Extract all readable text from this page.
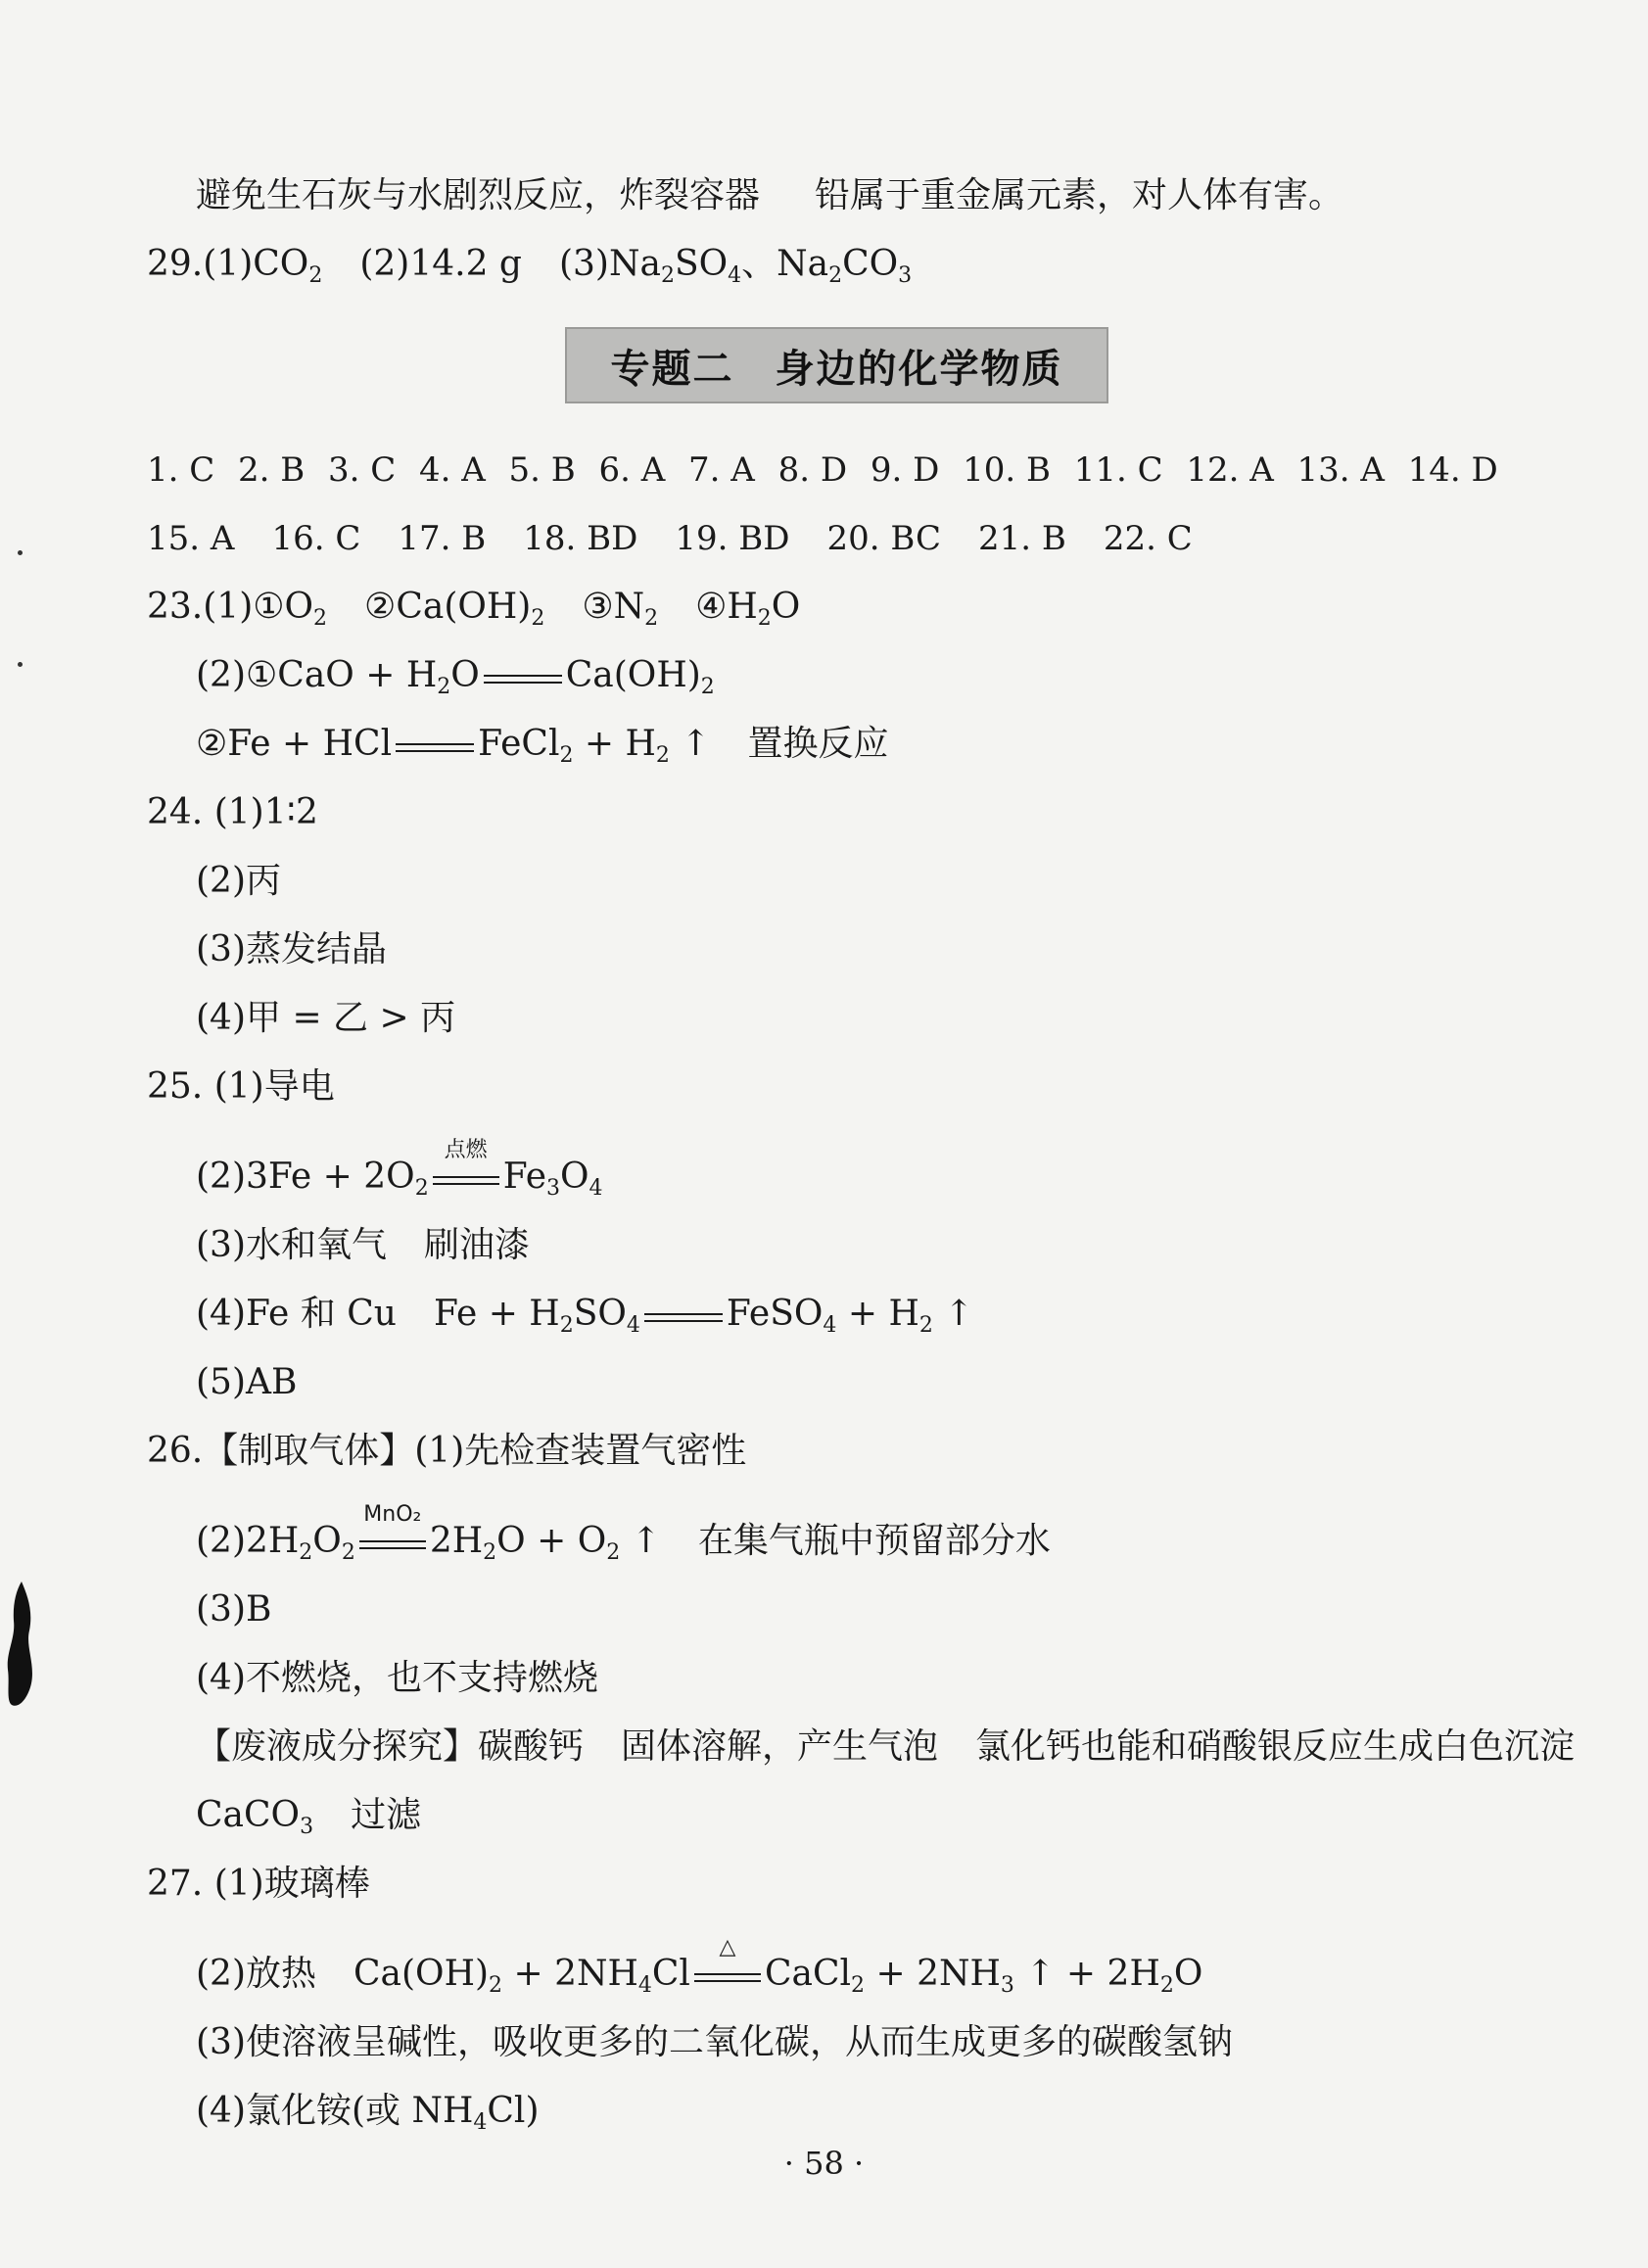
避免生石灰与水剧烈反应，炸裂容器 铅属于重金属元素，对人体有害。
$29.(1)CO_2$ (2)14.2 g $(3)Na_2SO_4$、$Na_2CO_3$
专题二　身边的化学物质
1. C 2. B 3. C 4. A 5. B 6. A 7. A 8. D 9. D 10. B 11. C 12. A 13. A 14. D
15. A 16. C 17. B 18. BD 19. BD 20. BC 21. B 22. C
$23.(1)①O_2$ $②Ca(OH)_2$ $③N_2$ $④H_2O$
(2)①CaO + $H_2O$ $Ca(OH)_2$
②Fe + HCl FeCl$_2$ + $H_2$ ↑ 置换反应
24. (1)1∶2
(2)丙
(3)蒸发结晶
(4)甲 = 乙 > 丙
25. (1)导电
$(2)3Fe + 2O_2$
点燃
$Fe_3O_4$
(3)水和氧气 刷油漆
(4)Fe 和 Cu $Fe + H_2SO_4$ FeSO$_4$ + $H_2$ ↑
(5)AB
26.【制取气体】(1)先检查装置气密性
$(2)2H_2O_2$
MnO₂
$2H_2O + O_2$ ↑ 在集气瓶中预留部分水
(3)B
(4)不燃烧，也不支持燃烧
【废液成分探究】碳酸钙 固体溶解，产生气泡 氯化钙也能和硝酸银反应生成白色沉淀
CaCO$_3$ 过滤
27. (1)玻璃棒
(2)放热 $Ca(OH)_2 + 2NH_4Cl$
△
CaCl$_2$ + $2NH_3$ ↑ + $2H_2O$
(3)使溶液呈碱性，吸收更多的二氧化碳，从而生成更多的碳酸氢钠
(4)氯化铵(或 $NH_4Cl$)
· 58 ·
